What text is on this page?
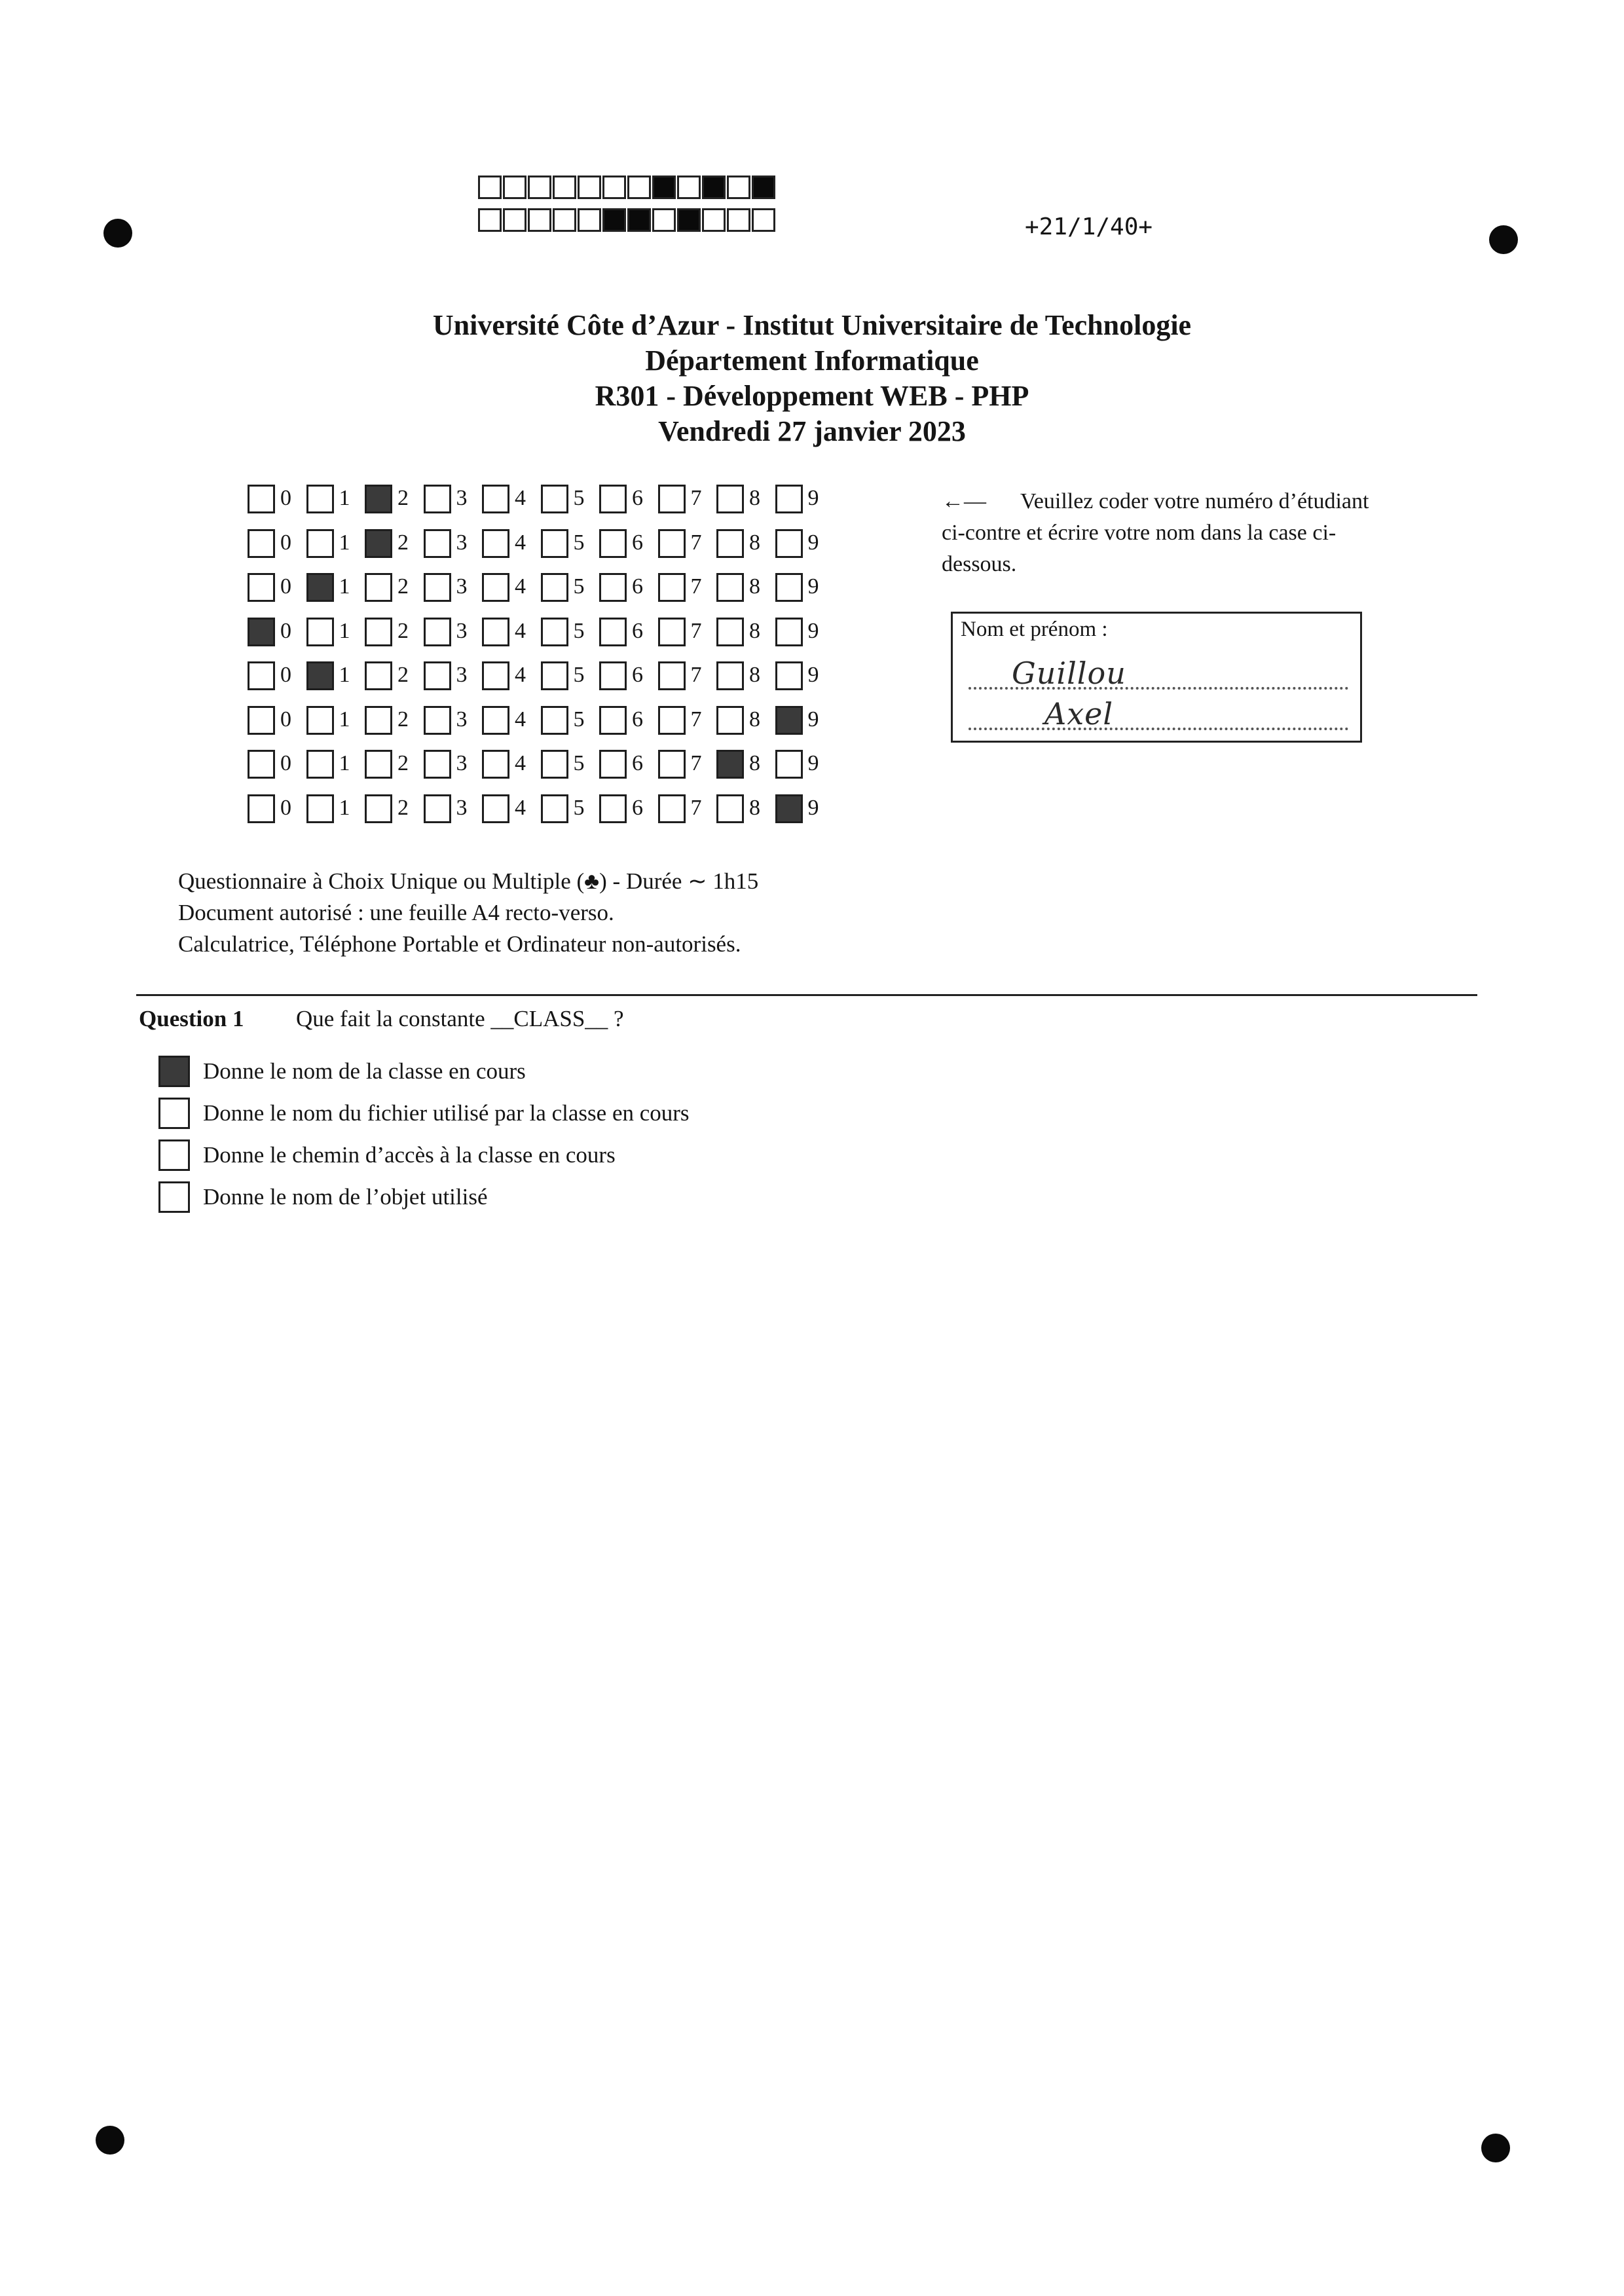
+21/1/40+
Université Côte d’Azur - Institut Universitaire de Technologie
Département Informatique
R301 - Développement WEB - PHP
Vendredi 27 janvier 2023
0 1 2 3 4 5 6 7 8 9
0 1 2 3 4 5 6 7 8 9
0 1 2 3 4 5 6 7 8 9
0 1 2 3 4 5 6 7 8 9
0 1 2 3 4 5 6 7 8 9
0 1 2 3 4 5 6 7 8 9
0 1 2 3 4 5 6 7 8 9
0 1 2 3 4 5 6 7 8 9
←— Veuillez coder votre numéro d’étudiant ci-contre et écrire votre nom dans la case ci-dessous.
Nom et prénom :
Guillou
Axel
Questionnaire à Choix Unique ou Multiple (♣) - Durée ∼ 1h15
Document autorisé : une feuille A4 recto-verso.
Calculatrice, Téléphone Portable et Ordinateur non-autorisés.
Question 1 Que fait la constante __CLASS__ ?
Donne le nom de la classe en cours
Donne le nom du fichier utilisé par la classe en cours
Donne le chemin d’accès à la classe en cours
Donne le nom de l’objet utilisé
